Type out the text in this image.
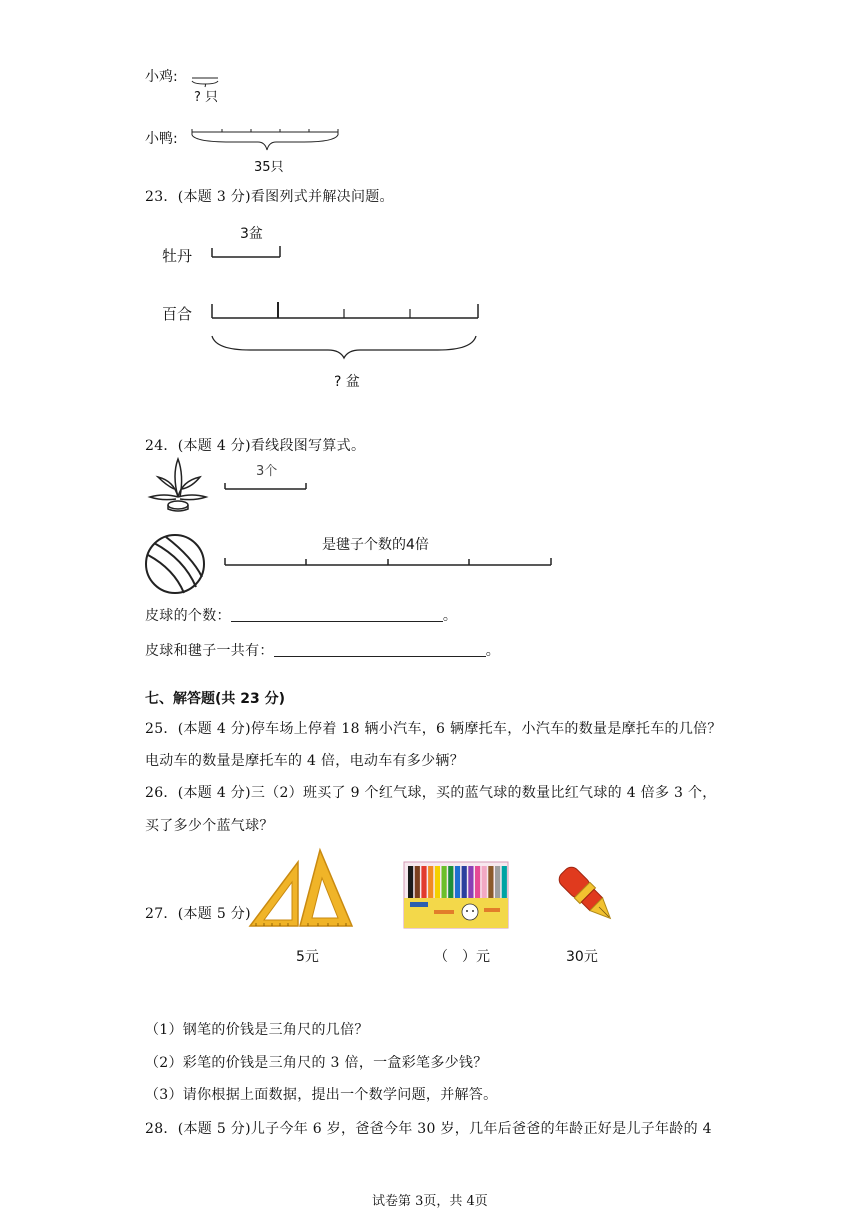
小鸡:
? 只
小鸭:
35只
23．(本题 3 分)看图列式并解决问题。
3盆
牡丹
百合
? 盆
24．(本题 4 分)看线段图写算式。
3个
是毽子个数的4倍
皮球的个数：	。
皮球和毽子一共有：	。
七、解答题(共 23 分)
25．(本题 4 分)停车场上停着 18 辆小汽车，6 辆摩托车，小汽车的数量是摩托车的几倍？
电动车的数量是摩托车的 4 倍，电动车有多少辆？
26．(本题 4 分)三（2）班买了 9 个红气球，买的蓝气球的数量比红气球的 4 倍多 3 个，
买了多少个蓝气球？
27．(本题 5 分)
5元	（　）元	30元
（1）钢笔的价钱是三角尺的几倍？
（2）彩笔的价钱是三角尺的 3 倍，一盒彩笔多少钱？
（3）请你根据上面数据，提出一个数学问题，并解答。
28．(本题 5 分)儿子今年 6 岁，爸爸今年 30 岁，几年后爸爸的年龄正好是儿子年龄的 4
试卷第 3页，共 4页
